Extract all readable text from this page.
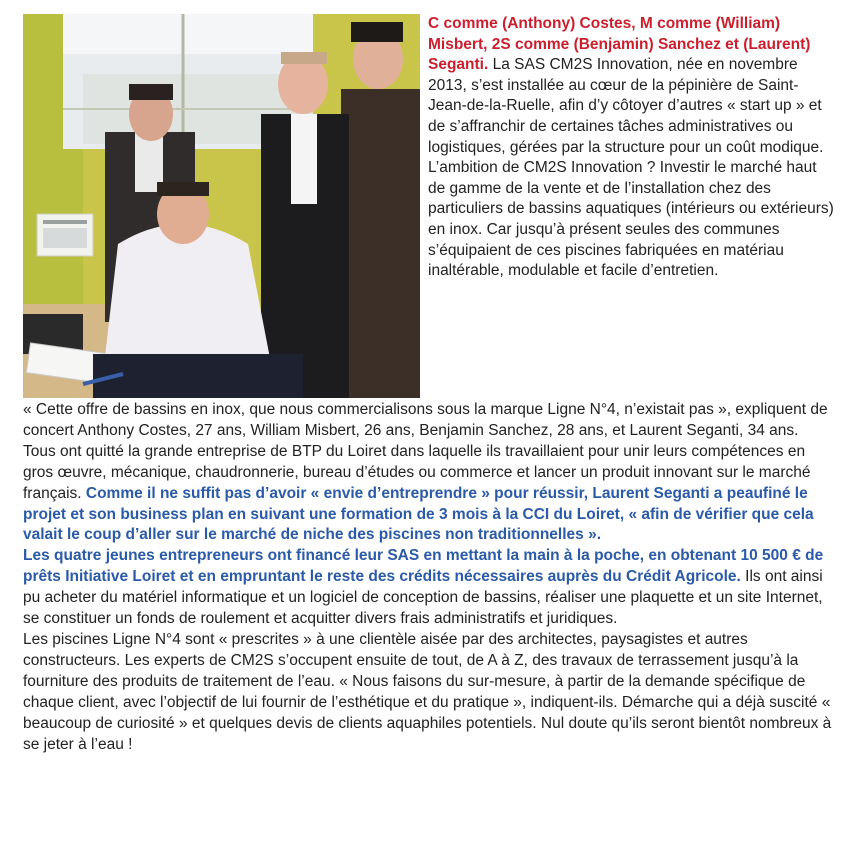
C comme (Anthony) Costes, M comme (William) Misbert, 2S comme (Benjamin) Sanchez et (Laurent) Seganti. La SAS CM2S Innovation, née en novembre 2013, s’est installée au cœur de la pépinière de Saint-Jean-de-la-Ruelle, afin d’y côtoyer d’autres « start up » et de s’affranchir de certaines tâches administratives ou logistiques, gérées par la structure pour un coût modique. L’ambition de CM2S Innovation ? Investir le marché haut de gamme de la vente et de l’installation chez des particuliers de bassins aquatiques (intérieurs ou extérieurs) en inox. Car jusqu’à présent seules des communes s’équipaient de ces piscines fabriquées en matériau inaltérable, modulable et facile d’entretien.

« Cette offre de bassins en inox, que nous commercialisons sous la marque Ligne N°4, n’existait pas », expliquent de concert Anthony Costes, 27 ans, William Misbert, 26 ans, Benjamin Sanchez, 28 ans, et Laurent Seganti, 34 ans. Tous ont quitté la grande entreprise de BTP du Loiret dans laquelle ils travaillaient pour unir leurs compétences en gros œuvre, mécanique, chaudronnerie, bureau d’études ou commerce et lancer un produit innovant sur le marché français. Comme il ne suffit pas d’avoir « envie d’entreprendre » pour réussir, Laurent Seganti a peaufiné le projet et son business plan en suivant une formation de 3 mois à la CCI du Loiret, « afin de vérifier que cela valait le coup d’aller sur le marché de niche des piscines non traditionnelles ».

Les quatre jeunes entrepreneurs ont financé leur SAS en mettant la main à la poche, en obtenant 10 500 € de prêts Initiative Loiret et en empruntant le reste des crédits nécessaires auprès du Crédit Agricole. Ils ont ainsi pu acheter du matériel informatique et un logiciel de conception de bassins, réaliser une plaquette et un site Internet, se constituer un fonds de roulement et acquitter divers frais administratifs et juridiques.

Les piscines Ligne N°4 sont « prescrites » à une clientèle aisée par des architectes, paysagistes et autres constructeurs. Les experts de CM2S s’occupent ensuite de tout, de A à Z, des travaux de terrassement jusqu’à la fourniture des produits de traitement de l’eau. « Nous faisons du sur-mesure, à partir de la demande spécifique de chaque client, avec l’objectif de lui fournir de l’esthétique et du pratique », indiquent-ils. Démarche qui a déjà suscité « beaucoup de curiosité » et quelques devis de clients aquaphiles potentiels. Nul doute qu’ils seront bientôt nombreux à se jeter à l’eau !
